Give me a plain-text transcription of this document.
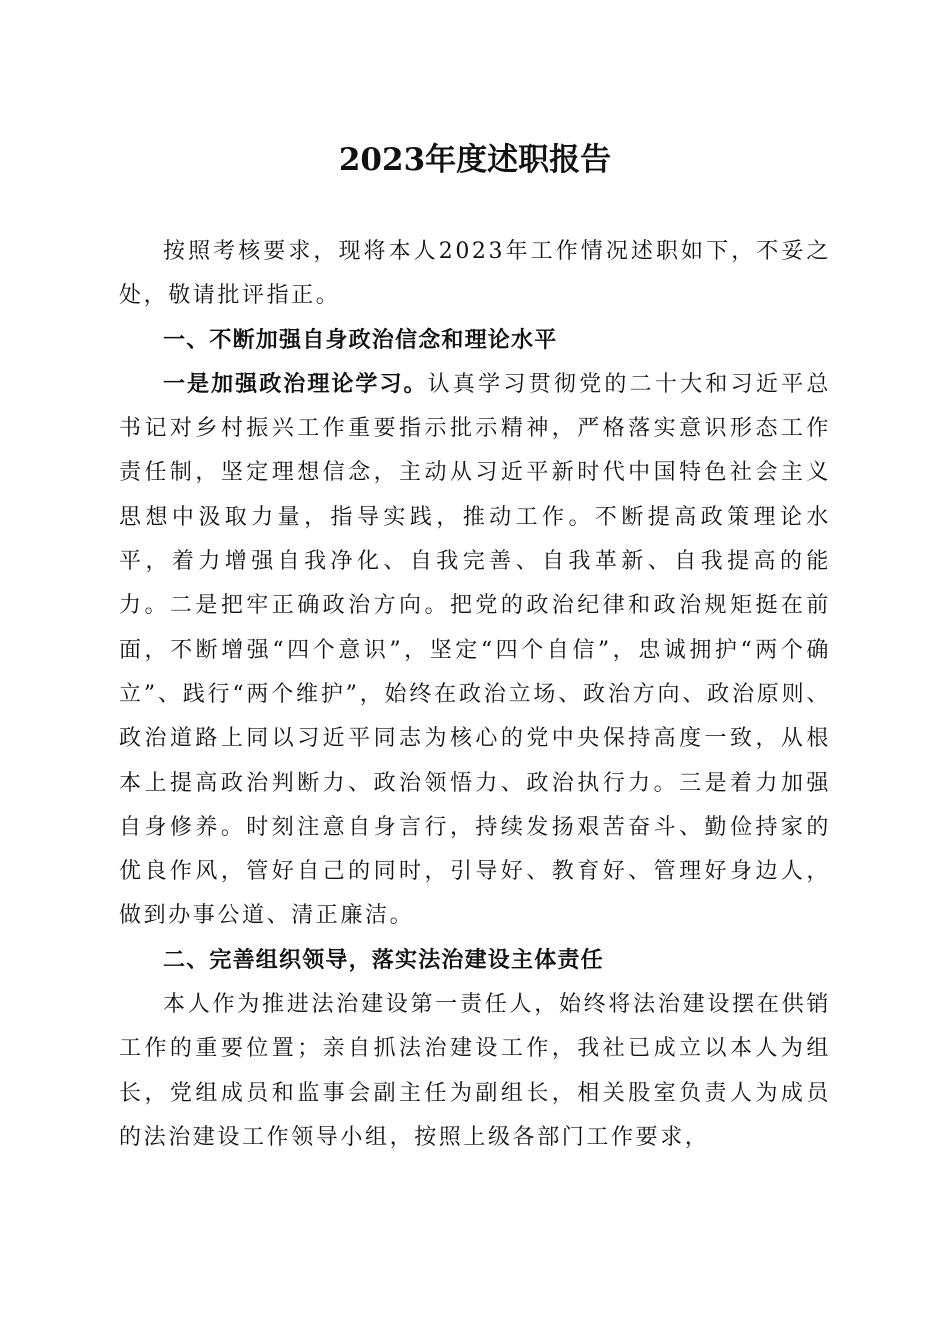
2023年度述职报告

按照考核要求，现将本人2023年工作情况述职如下，不妥之处，敬请批评指正。

一、不断加强自身政治信念和理论水平

一是加强政治理论学习。认真学习贯彻党的二十大和习近平总书记对乡村振兴工作重要指示批示精神，严格落实意识形态工作责任制，坚定理想信念，主动从习近平新时代中国特色社会主义思想中汲取力量，指导实践，推动工作。不断提高政策理论水平，着力增强自我净化、自我完善、自我革新、自我提高的能力。二是把牢正确政治方向。把党的政治纪律和政治规矩挺在前面，不断增强“四个意识”，坚定“四个自信”，忠诚拥护“两个确立”、践行“两个维护”，始终在政治立场、政治方向、政治原则、政治道路上同以习近平同志为核心的党中央保持高度一致，从根本上提高政治判断力、政治领悟力、政治执行力。三是着力加强自身修养。时刻注意自身言行，持续发扬艰苦奋斗、勤俭持家的优良作风，管好自己的同时，引导好、教育好、管理好身边人，做到办事公道、清正廉洁。

二、完善组织领导，落实法治建设主体责任

本人作为推进法治建设第一责任人，始终将法治建设摆在供销工作的重要位置；亲自抓法治建设工作，我社已成立以本人为组长，党组成员和监事会副主任为副组长，相关股室负责人为成员的法治建设工作领导小组，按照上级各部门工作要求，
